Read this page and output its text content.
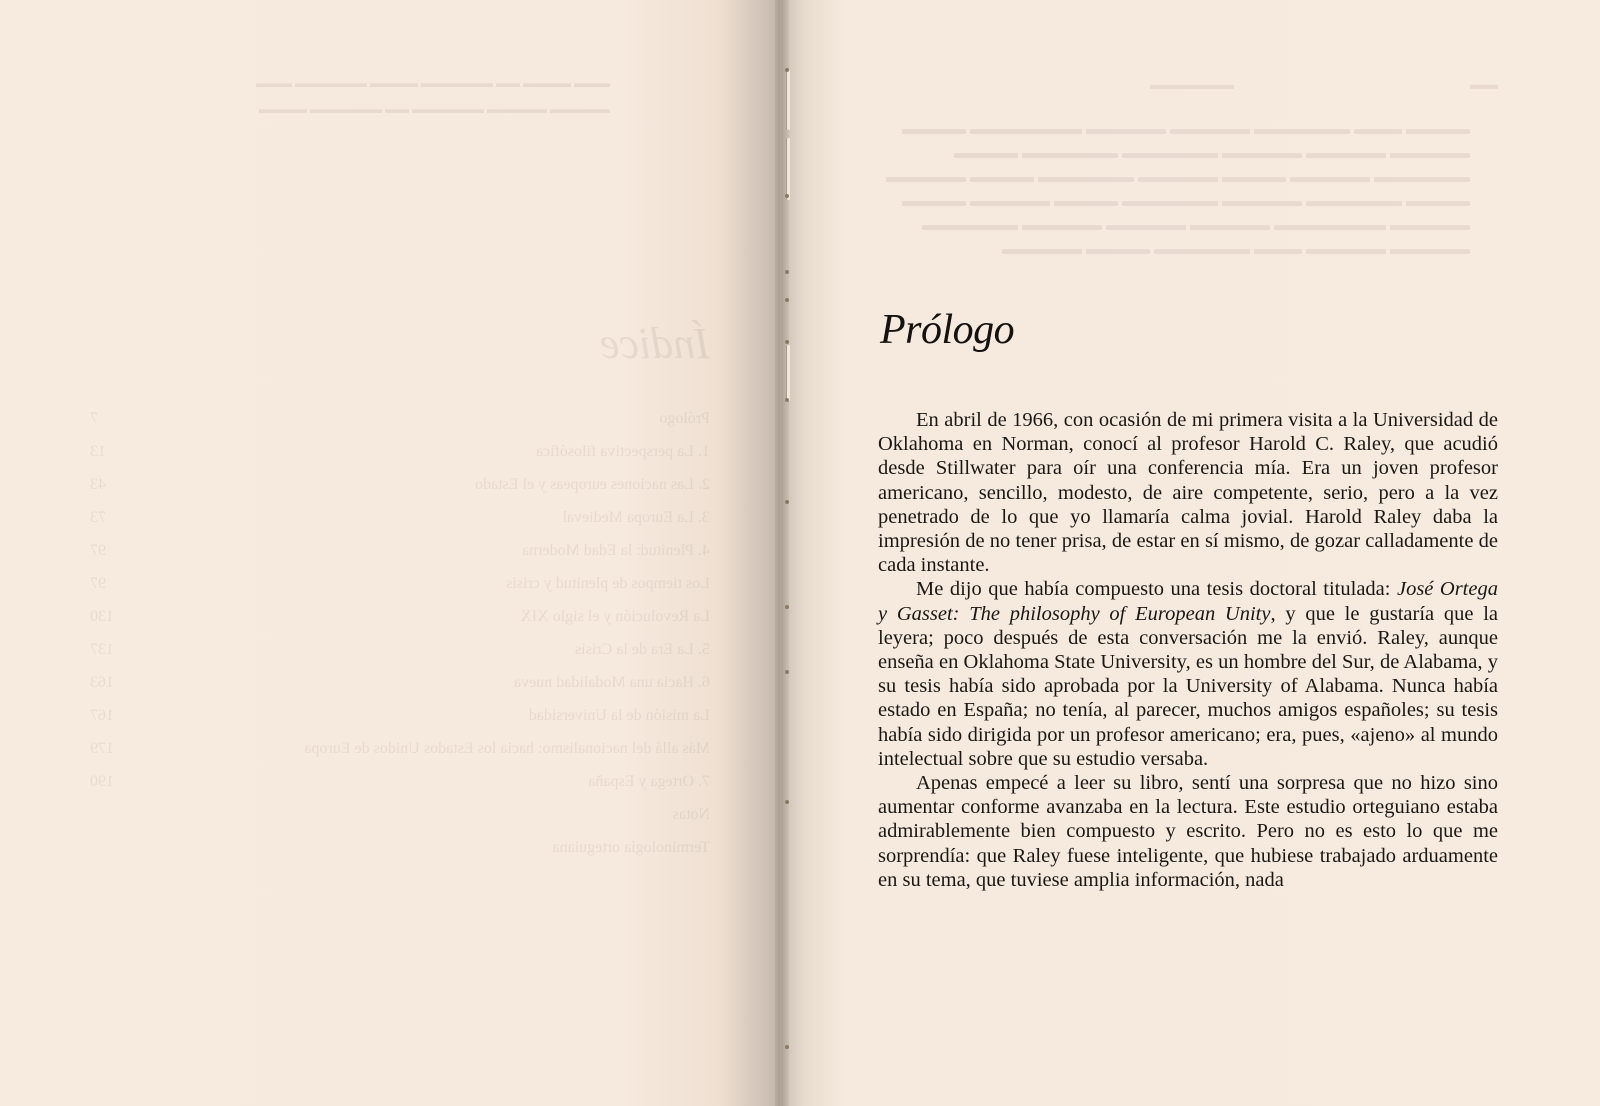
▬▬▬ ▬▬▬▬ ▬▬ ▬▬▬▬▬▬ ▬▬▬▬ ▬▬▬▬▬▬ ▬▬▬
▬▬▬▬▬ ▬▬▬▬▬ ▬▬▬▬▬▬ ▬▬ ▬▬▬▬▬▬ ▬▬▬▬
Índice
Prólogo
7
1. La perspectiva filosófica
13
2. Las naciones europeas y el Estado
43
3. La Europa Medieval
73
4. Plenitud: la Edad Moderna
97
Los tiempos de plenitud y crisis
97
La Revolución y el siglo XIX
130
5. La Era de la Crisis
137
6. Hacia una Modalidad nueva
163
La misión de la Universidad
167
Más allá del nacionalismo: hacia los Estados Unidos de Europa
179
7. Ortega y España
190
Notas
Terminología orteguiana
▬▬▬▬▬▬	▬▬
▬▬▬▬ ▬▬▬ ▬▬▬▬▬▬ ▬▬▬▬▬ ▬▬▬▬▬ ▬▬▬▬▬▬▬ ▬▬▬▬ ▬▬▬▬▬ ▬▬▬▬▬ ▬▬▬▬▬ ▬▬▬▬▬▬ ▬▬▬▬▬▬ ▬▬▬▬ ▬▬▬▬▬▬ ▬▬▬▬▬ ▬▬▬▬ ▬▬▬▬▬ ▬▬▬▬▬▬ ▬▬▬▬ ▬▬▬▬▬ ▬▬▬▬ ▬▬▬▬▬▬ ▬▬▬▬▬ ▬▬▬▬▬▬ ▬▬▬▬ ▬▬▬▬▬ ▬▬▬▬ ▬▬▬▬▬ ▬▬▬▬▬▬▬ ▬▬▬▬▬ ▬▬▬▬▬ ▬▬▬▬▬ ▬▬▬▬▬▬ ▬▬▬▬▬ ▬▬▬▬▬ ▬▬▬ ▬▬▬▬▬▬ ▬▬▬▬ ▬▬▬▬▬
Prólogo

En abril de 1966, con ocasión de mi primera visita a la Universidad de Oklahoma en Norman, conocí al profesor Harold C. Raley, que acudió desde Stillwater para oír una conferencia mía. Era un joven profesor americano, sencillo, modesto, de aire competente, serio, pero a la vez penetrado de lo que yo llamaría calma jovial. Harold Raley daba la impresión de no tener prisa, de estar en sí mismo, de gozar calladamente de cada instante.

Me dijo que había compuesto una tesis doctoral titulada: José Ortega y Gasset: The philosophy of European Unity, y que le gustaría que la leyera; poco después de esta conversación me la envió. Raley, aunque enseña en Oklahoma State University, es un hombre del Sur, de Alabama, y su tesis había sido aprobada por la University of Alabama. Nunca había estado en España; no tenía, al parecer, muchos amigos españoles; su tesis había sido dirigida por un profesor americano; era, pues, «ajeno» al mundo intelectual sobre que su estudio versaba.

Apenas empecé a leer su libro, sentí una sorpresa que no hizo sino aumentar conforme avanzaba en la lectura. Este estudio orteguiano estaba admirablemente bien compuesto y escrito. Pero no es esto lo que me sorprendía: que Raley fuese inteligente, que hubiese trabajado arduamente en su tema, que tuviese amplia información, nada
